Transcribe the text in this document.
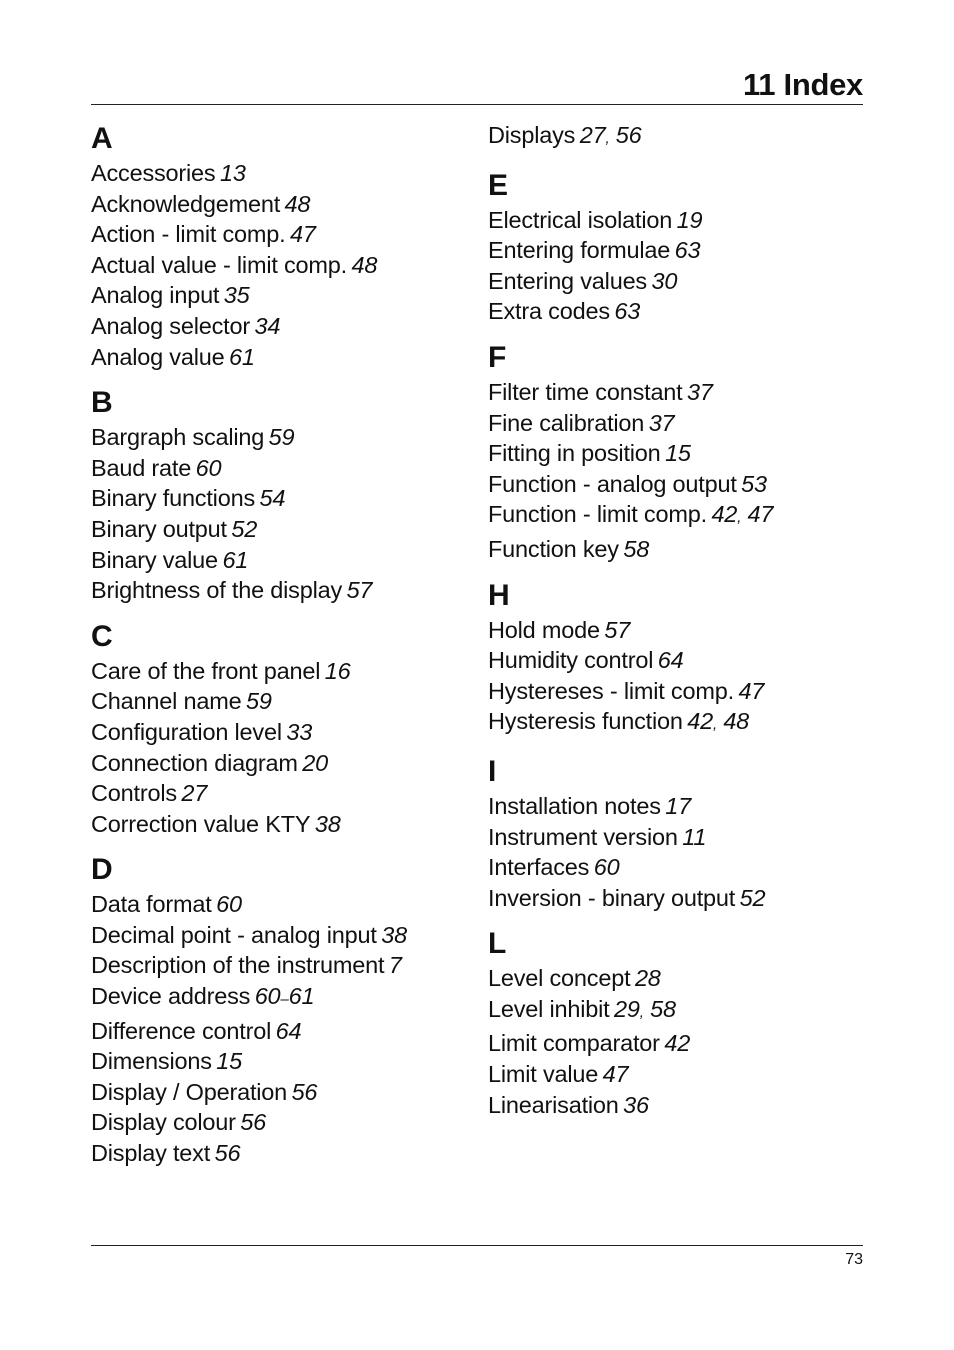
11 Index
A
Accessories  13
Acknowledgement  48
Action - limit comp.  47
Actual value - limit comp.  48
Analog input  35
Analog selector  34
Analog value  61
B
Bargraph scaling  59
Baud rate  60
Binary functions  54
Binary output  52
Binary value  61
Brightness of the display  57
C
Care of the front panel  16
Channel name  59
Configuration level  33
Connection diagram  20
Controls  27
Correction value KTY  38
D
Data format  60
Decimal point - analog input  38
Description of the instrument  7
Device address  60–61
Difference control  64
Dimensions  15
Display / Operation  56
Display colour  56
Display text  56
Displays  27, 56
E
Electrical isolation  19
Entering formulae  63
Entering values  30
Extra codes  63
F
Filter time constant  37
Fine calibration  37
Fitting in position  15
Function - analog output  53
Function - limit comp.  42, 47
Function key  58
H
Hold mode  57
Humidity control  64
Hystereses - limit comp.  47
Hysteresis function  42, 48
I
Installation notes  17
Instrument version  11
Interfaces  60
Inversion - binary output  52
L
Level concept  28
Level inhibit  29, 58
Limit comparator  42
Limit value  47
Linearisation  36
73
